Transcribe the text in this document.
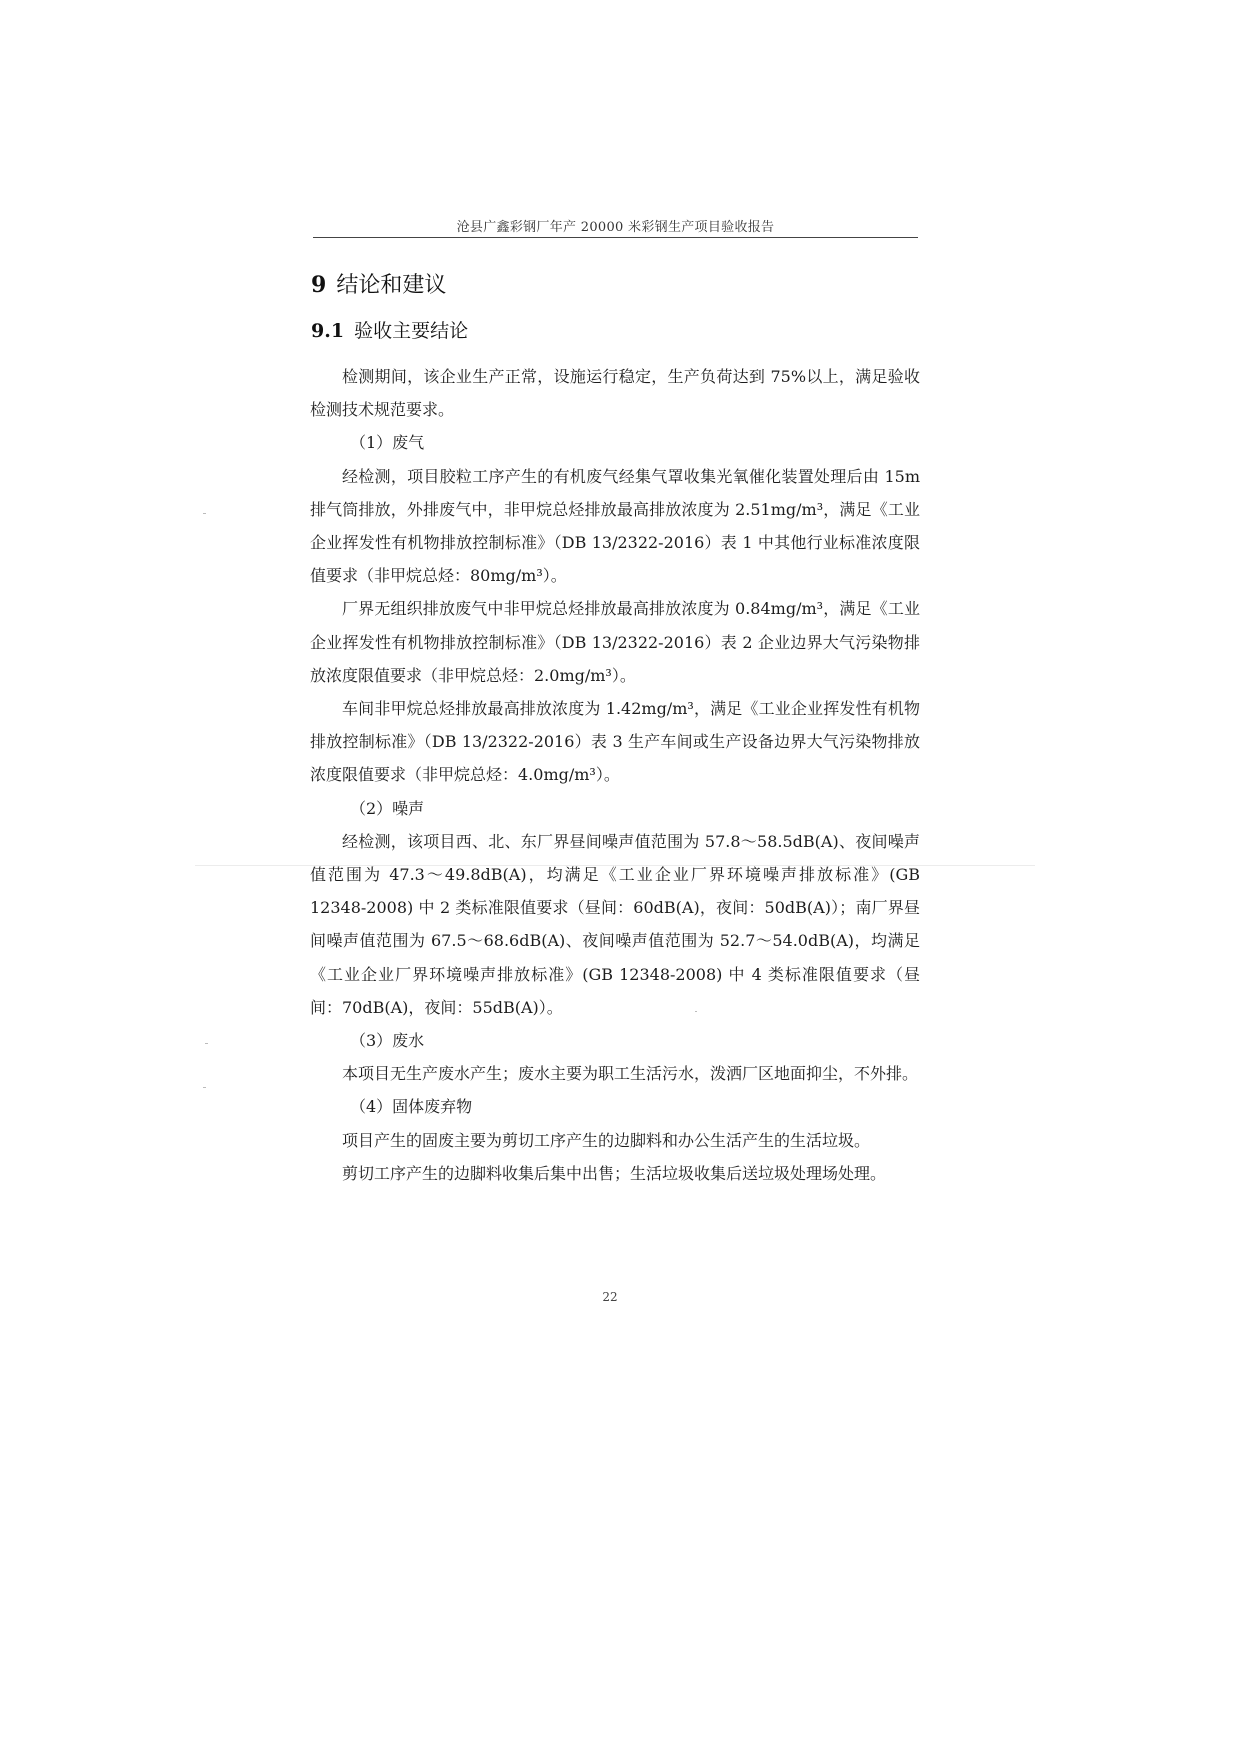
沧县广鑫彩钢厂年产 20000 米彩钢生产项目验收报告
9 结论和建议
9.1 验收主要结论

检测期间，该企业生产正常，设施运行稳定，生产负荷达到 75%以上，满足验收检测技术规范要求。

（1）废气

经检测，项目胶粒工序产生的有机废气经集气罩收集光氧催化装置处理后由 15m 排气筒排放，外排废气中，非甲烷总烃排放最高排放浓度为 2.51mg/m³，满足《工业企业挥发性有机物排放控制标准》（DB 13/2322-2016）表 1 中其他行业标准浓度限值要求（非甲烷总烃：80mg/m³）。

厂界无组织排放废气中非甲烷总烃排放最高排放浓度为 0.84mg/m³，满足《工业企业挥发性有机物排放控制标准》（DB 13/2322-2016）表 2 企业边界大气污染物排放浓度限值要求（非甲烷总烃：2.0mg/m³）。

车间非甲烷总烃排放最高排放浓度为 1.42mg/m³，满足《工业企业挥发性有机物排放控制标准》（DB 13/2322-2016）表 3 生产车间或生产设备边界大气污染物排放浓度限值要求（非甲烷总烃：4.0mg/m³）。

（2）噪声

经检测，该项目西、北、东厂界昼间噪声值范围为 57.8～58.5dB(A)、夜间噪声值范围为 47.3～49.8dB(A)，均满足《工业企业厂界环境噪声排放标准》(GB 12348-2008) 中 2 类标准限值要求（昼间：60dB(A)，夜间：50dB(A)）；南厂界昼间噪声值范围为 67.5～68.6dB(A)、夜间噪声值范围为 52.7～54.0dB(A)，均满足《工业企业厂界环境噪声排放标准》(GB 12348-2008) 中 4 类标准限值要求（昼间：70dB(A)，夜间：55dB(A)）。

（3）废水

本项目无生产废水产生；废水主要为职工生活污水，泼洒厂区地面抑尘，不外排。

（4）固体废弃物

项目产生的固废主要为剪切工序产生的边脚料和办公生活产生的生活垃圾。

剪切工序产生的边脚料收集后集中出售；生活垃圾收集后送垃圾处理场处理。

22
